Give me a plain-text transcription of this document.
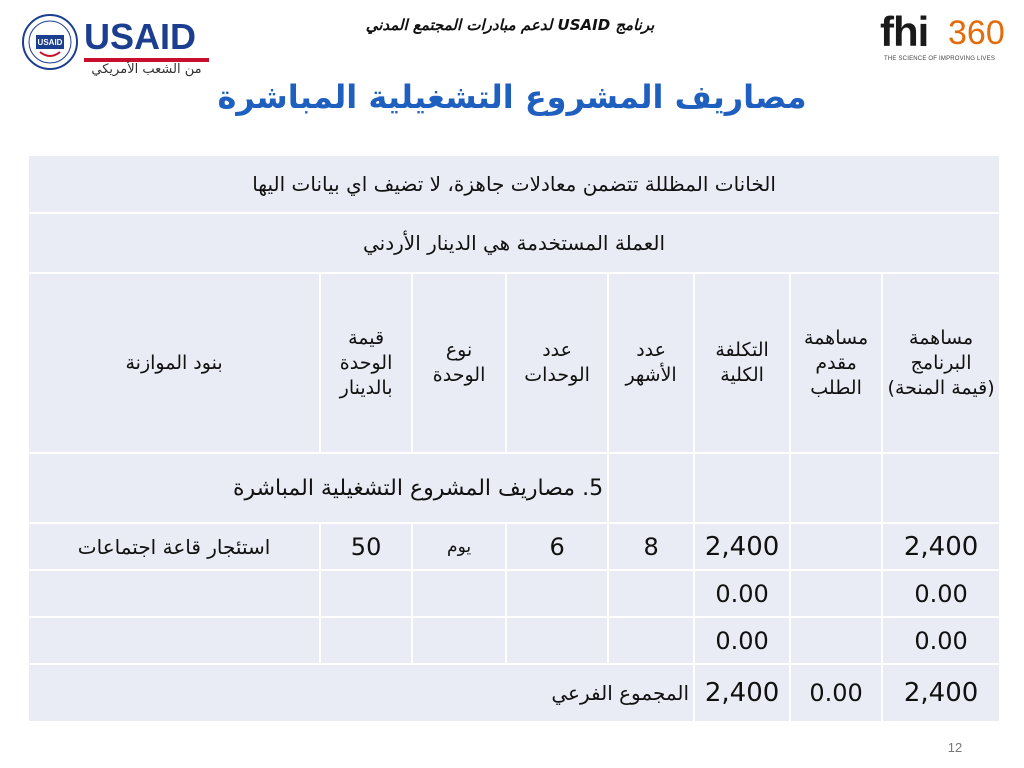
USAID USAID
من الشعب الأمريكي
برنامج USAID لدعم مبادرات المجتمع المدني	fhi 360
THE SCIENCE OF IMPROVING LIVES
مصاريف المشروع التشغيلية المباشرة
الخانات المظللة تتضمن معادلات جاهزة، لا تضيف اي بيانات اليها							
العملة المستخدمة هي الدينار الأردني							
مساهمة البرنامج (قيمة المنحة)	مساهمة مقدم الطلب	التكلفة الكلية	عدد الأشهر	عدد الوحدات	نوع الوحدة	قيمة الوحدة بالدينار	بنود الموازنة
				5. مصاريف المشروع التشغيلية المباشرة			
2,400		2,400	8	6	يوم	50	استئجار قاعة اجتماعات
0.00		0.00					
0.00		0.00					
2,400	0.00	2,400	المجموع الفرعي				
12
